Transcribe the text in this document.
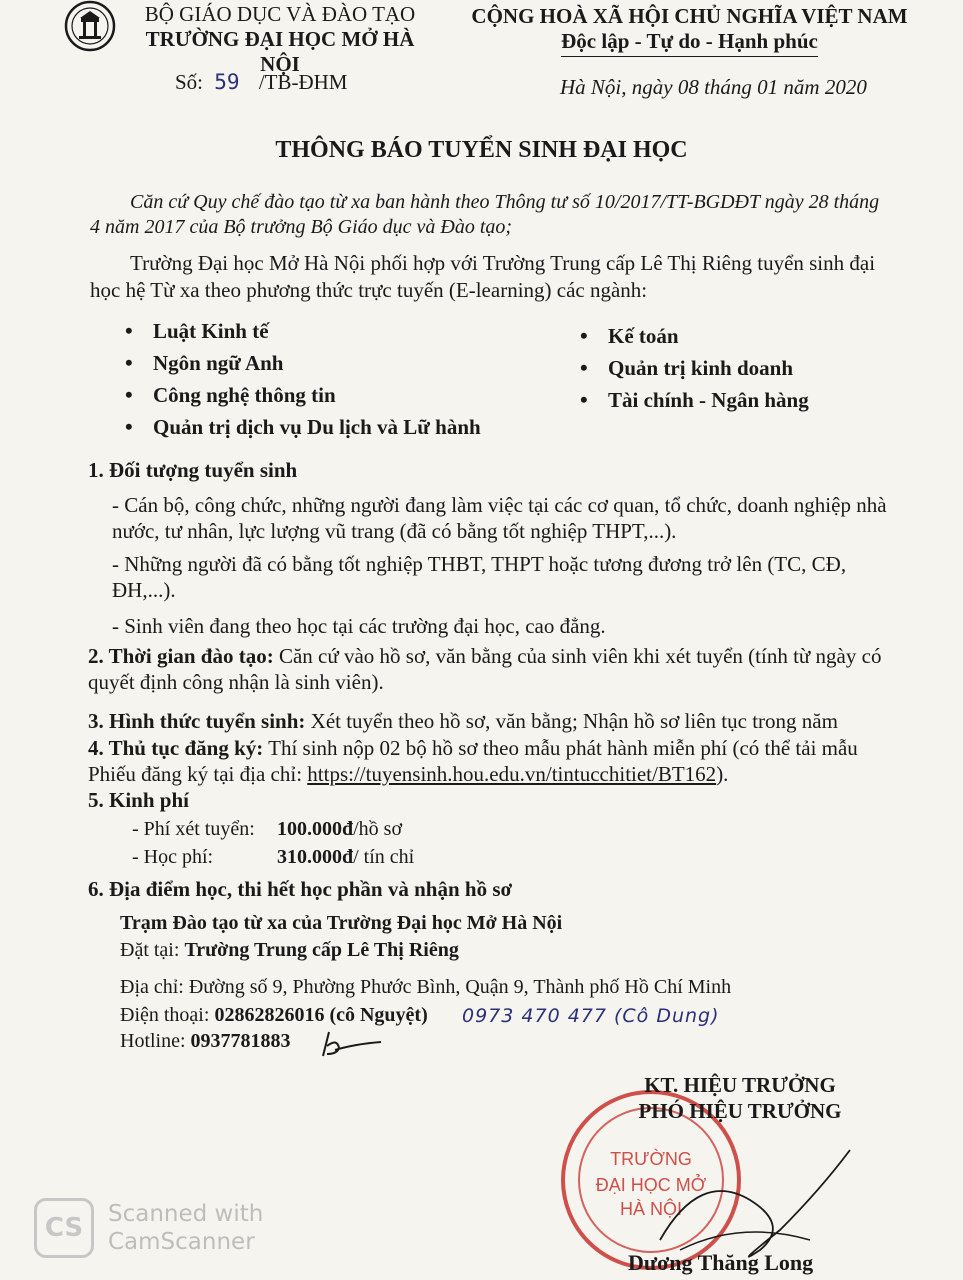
BỘ GIÁO DỤC VÀ ĐÀO TẠO
TRƯỜNG ĐẠI HỌC MỞ HÀ NỘI
CỘNG HOÀ XÃ HỘI CHỦ NGHĨA VIỆT NAM
Độc lập - Tự do - Hạnh phúc
Số: 59 /TB-ĐHM	Hà Nội, ngày 08 tháng 01 năm 2020
THÔNG BÁO TUYỂN SINH ĐẠI HỌC
Căn cứ Quy chế đào tạo từ xa ban hành theo Thông tư số 10/2017/TT-BGDĐT ngày 28 tháng 4 năm 2017 của Bộ trưởng Bộ Giáo dục và Đào tạo;
Trường Đại học Mở Hà Nội phối hợp với Trường Trung cấp Lê Thị Riêng tuyển sinh đại học hệ Từ xa theo phương thức trực tuyến (E-learning) các ngành:
• Luật Kinh tế
• Ngôn ngữ Anh
• Công nghệ thông tin
• Quản trị dịch vụ Du lịch và Lữ hành
• Kế toán
• Quản trị kinh doanh
• Tài chính - Ngân hàng
1. Đối tượng tuyển sinh
- Cán bộ, công chức, những người đang làm việc tại các cơ quan, tổ chức, doanh nghiệp nhà nước, tư nhân, lực lượng vũ trang (đã có bằng tốt nghiệp THPT,...).
- Những người đã có bằng tốt nghiệp THBT, THPT hoặc tương đương trở lên (TC, CĐ, ĐH,...).
- Sinh viên đang theo học tại các trường đại học, cao đẳng.
2. Thời gian đào tạo: Căn cứ vào hồ sơ, văn bằng của sinh viên khi xét tuyển (tính từ ngày có quyết định công nhận là sinh viên).
3. Hình thức tuyển sinh: Xét tuyển theo hồ sơ, văn bằng; Nhận hồ sơ liên tục trong năm
4. Thủ tục đăng ký: Thí sinh nộp 02 bộ hồ sơ theo mẫu phát hành miễn phí (có thể tải mẫu Phiếu đăng ký tại địa chỉ: https://tuyensinh.hou.edu.vn/tintucchitiet/BT162).
5. Kinh phí
- Phí xét tuyển: 100.000đ/hồ sơ
- Học phí:	310.000đ/ tín chỉ
6. Địa điểm học, thi hết học phần và nhận hồ sơ
Trạm Đào tạo từ xa của Trường Đại học Mở Hà Nội
Đặt tại: Trường Trung cấp Lê Thị Riêng
Địa chỉ: Đường số 9, Phường Phước Bình, Quận 9, Thành phố Hồ Chí Minh
Điện thoại: 02862826016 (cô Nguyệt) 0973 470 477 (Cô Dung)
Hotline: 0937781883
TRƯỜNG ĐẠI HỌC MỞ HÀ NỘI
KT. HIỆU TRƯỞNG
PHÓ HIỆU TRƯỞNG
Dương Thăng Long
CS	Scanned with
CamScanner
